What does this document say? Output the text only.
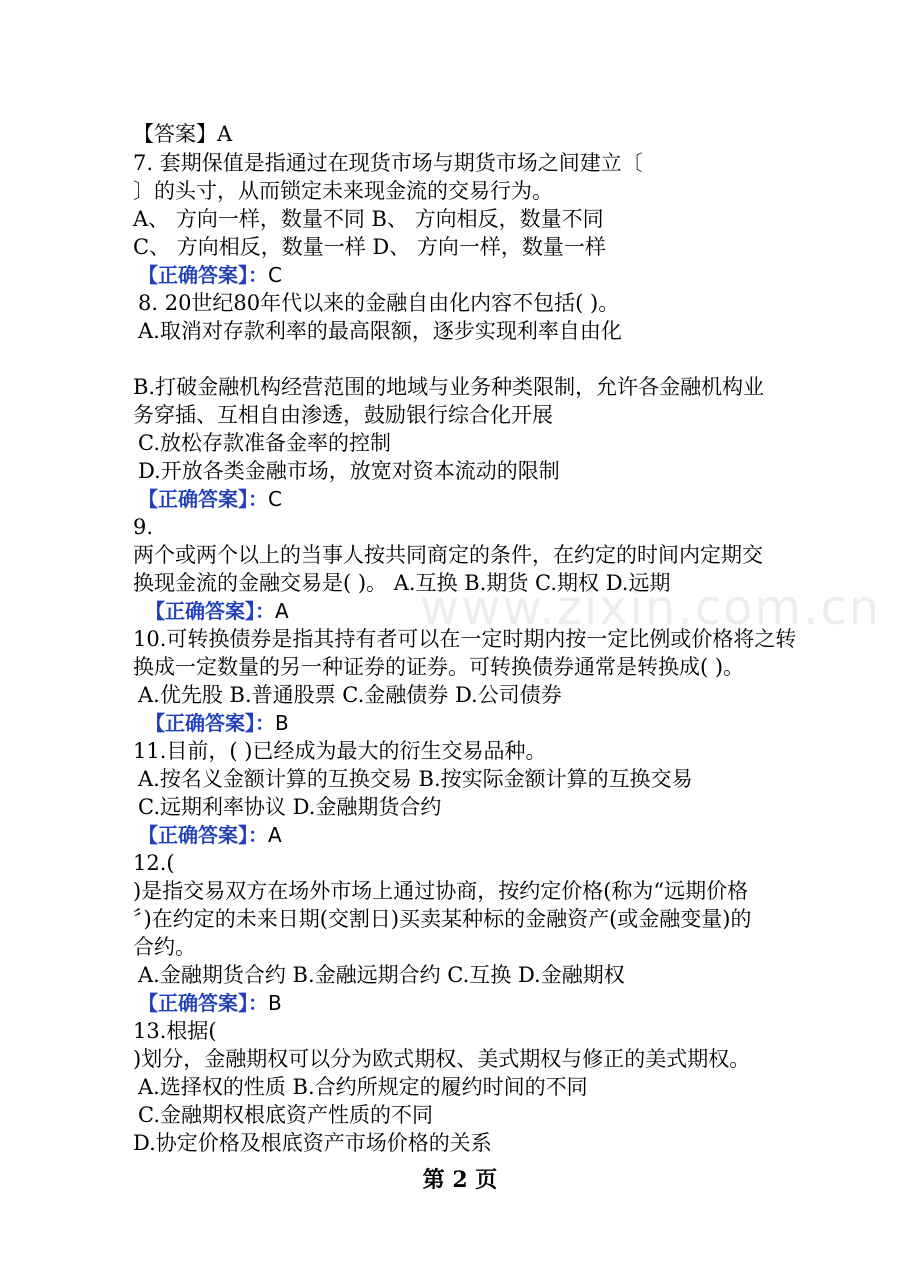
www.zixin.com.cn
【答案】A
7. 套期保值是指通过在现货市场与期货市场之间建立〔
〕的头寸，从而锁定未来现金流的交易行为。
A、 方向一样，数量不同 B、 方向相反，数量不同
C、 方向相反，数量一样 D、 方向一样，数量一样
【正确答案】：C
8. 20世纪80年代以来的金融自由化内容不包括( )。
A.取消对存款利率的最高限额，逐步实现利率自由化
B.打破金融机构经营范围的地域与业务种类限制，允许各金融机构业
务穿插、互相自由渗透，鼓励银行综合化开展
C.放松存款准备金率的控制
D.开放各类金融市场，放宽对资本流动的限制
【正确答案】：C
9.
两个或两个以上的当事人按共同商定的条件，在约定的时间内定期交
换现金流的金融交易是( )。 A.互换 B.期货 C.期权 D.远期
【正确答案】：A
10.可转换债券是指其持有者可以在一定时期内按一定比例或价格将之转
换成一定数量的另一种证券的证券。可转换债券通常是转换成( )。
A.优先股 B.普通股票 C.金融债券 D.公司债券
【正确答案】：B
11.目前，( )已经成为最大的衍生交易品种。
A.按名义金额计算的互换交易 B.按实际金额计算的互换交易
C.远期利率协议 D.金融期货合约
【正确答案】：A
12.(
)是指交易双方在场外市场上通过协商，按约定价格(称为“远期价格
〞)在约定的未来日期(交割日)买卖某种标的金融资产(或金融变量)的
合约。
A.金融期货合约 B.金融远期合约 C.互换 D.金融期权
【正确答案】：B
13.根据(
)划分，金融期权可以分为欧式期权、美式期权与修正的美式期权。
A.选择权的性质 B.合约所规定的履约时间的不同
C.金融期权根底资产性质的不同
D.协定价格及根底资产市场价格的关系
第 2 页
